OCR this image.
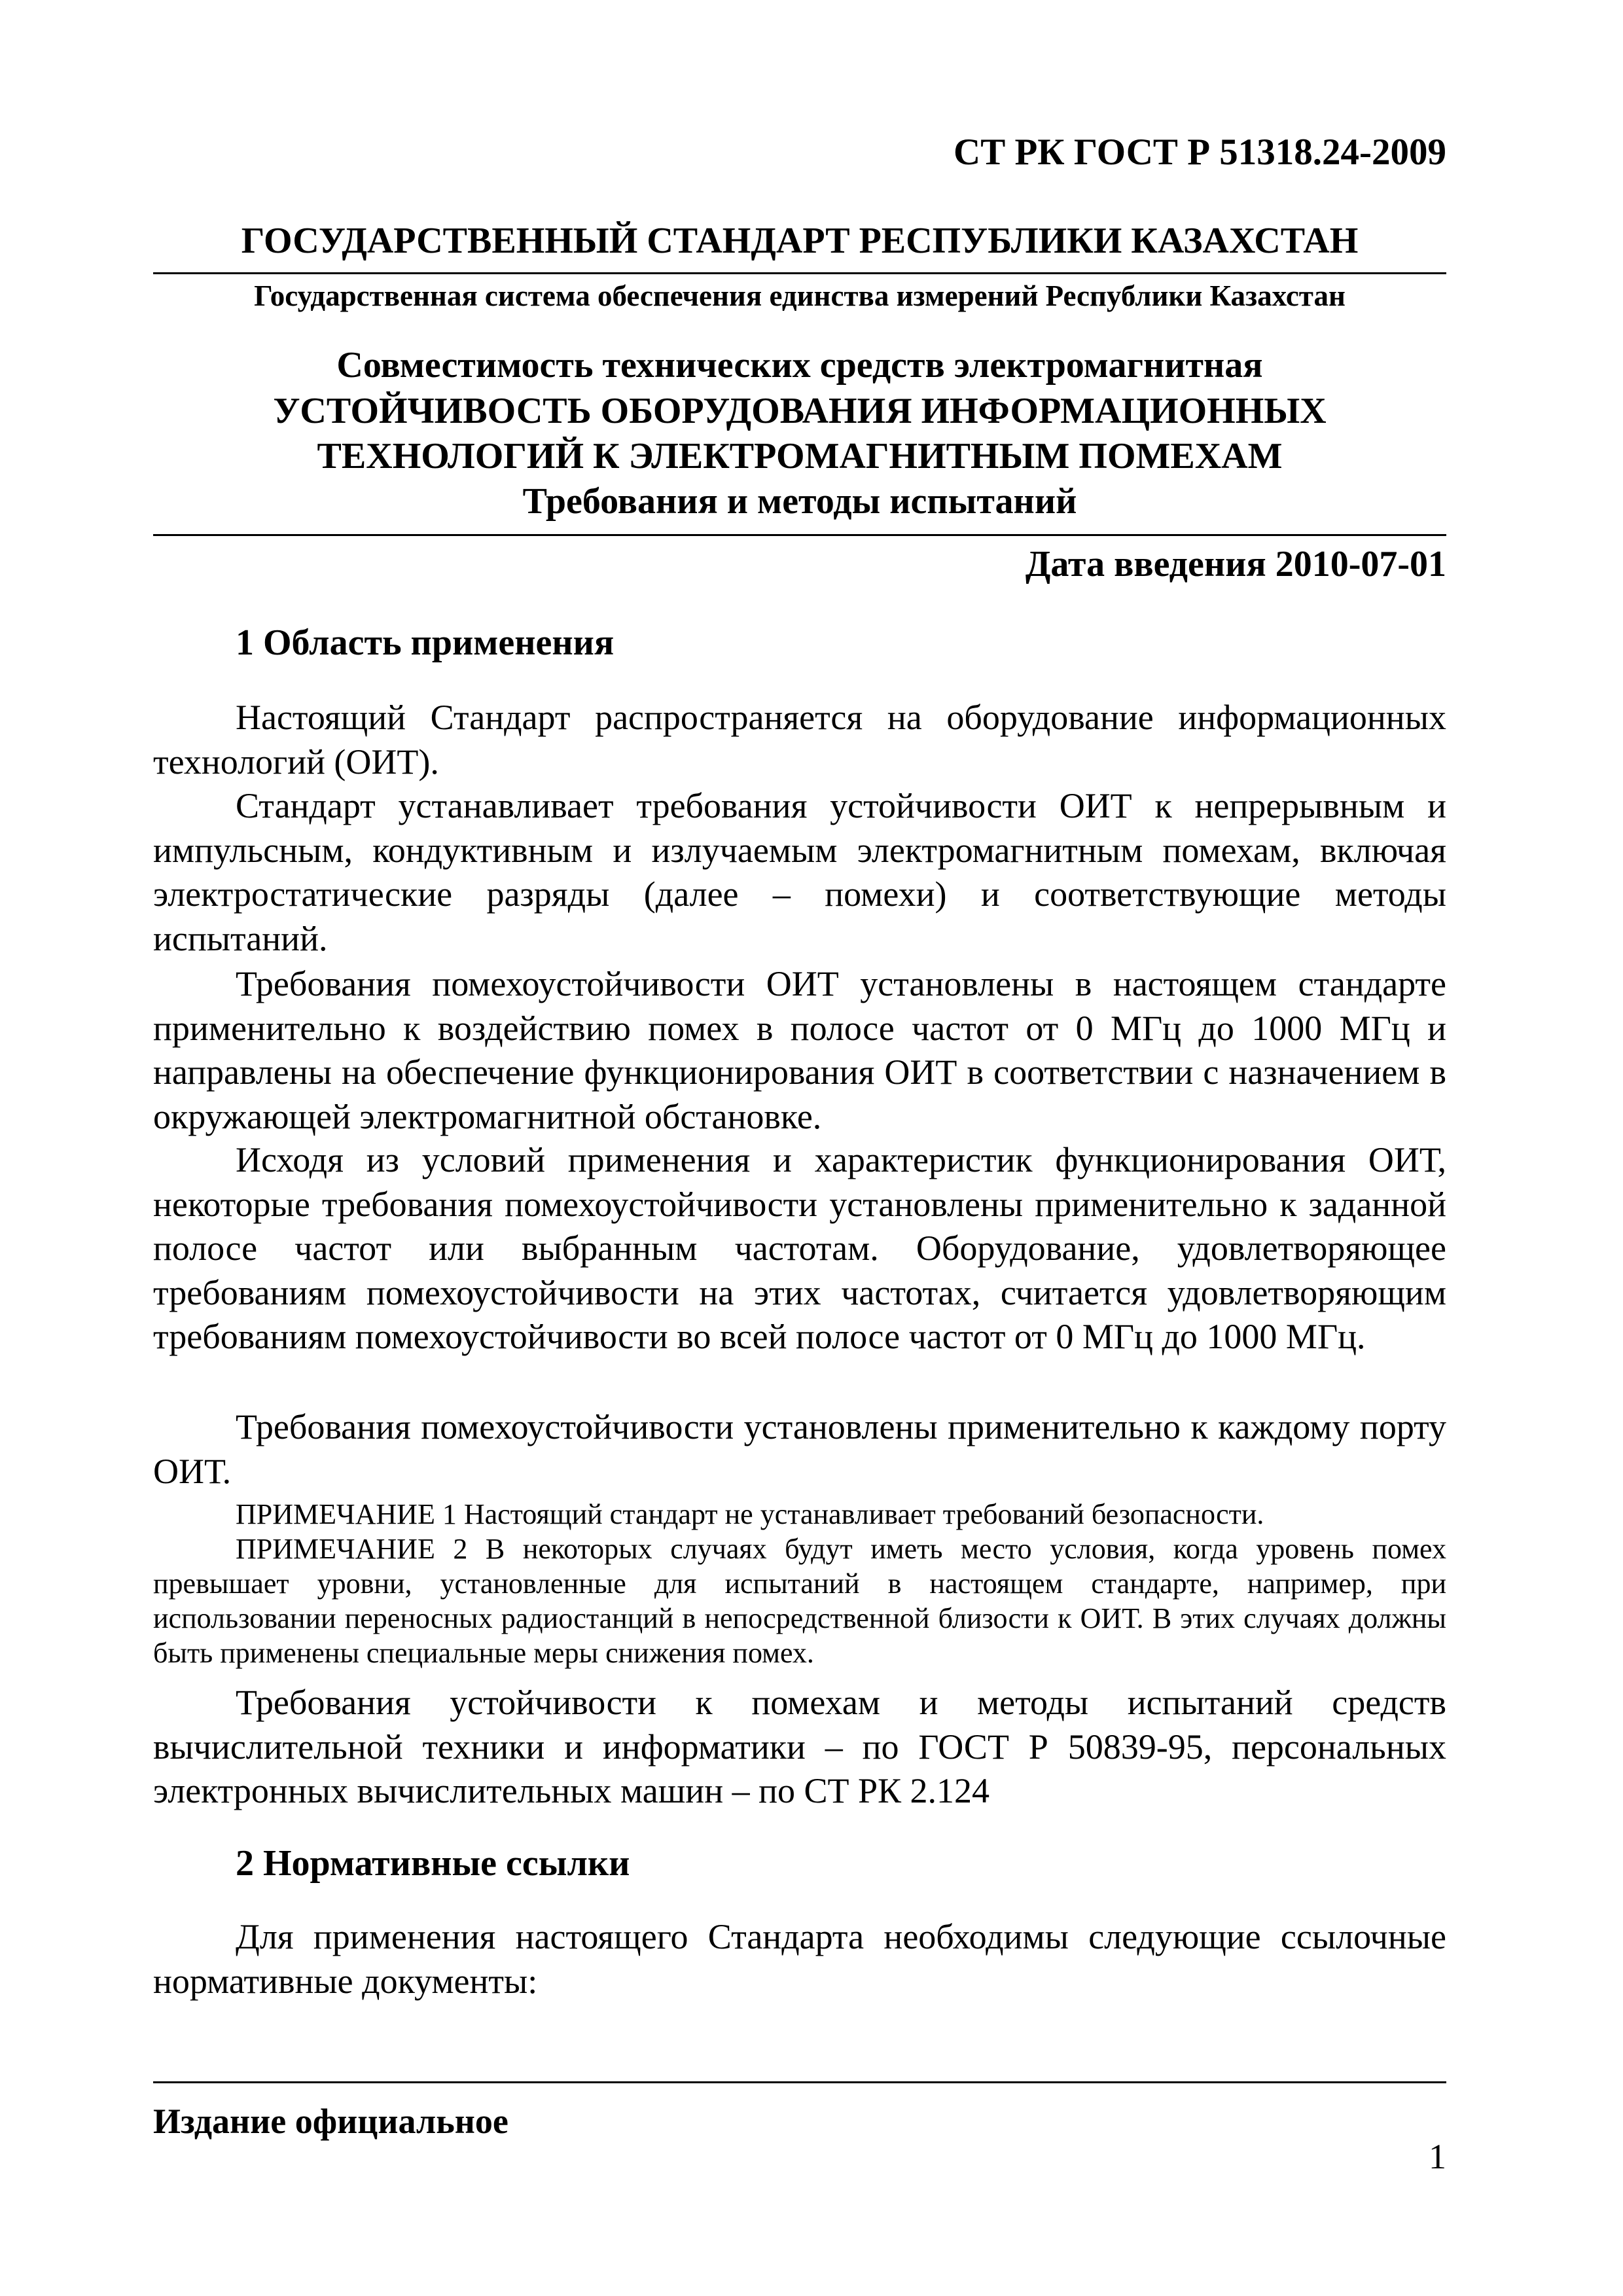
СТ РК ГОСТ Р 51318.24-2009
ГОСУДАРСТВЕННЫЙ СТАНДАРТ РЕСПУБЛИКИ КАЗАХСТАН
Государственная система обеспечения единства измерений Республики Казахстан
Совместимость технических средств электромагнитная
УСТОЙЧИВОСТЬ ОБОРУДОВАНИЯ ИНФОРМАЦИОННЫХ
ТЕХНОЛОГИЙ К ЭЛЕКТРОМАГНИТНЫМ ПОМЕХАМ
Требования и методы испытаний
Дата введения 2010-07-01
1 Область применения

Настоящий Стандарт распространяется на оборудование информационных технологий (ОИТ).

Стандарт устанавливает требования устойчивости ОИТ к непрерывным и импульсным, кондуктивным и излучаемым электромагнитным помехам, включая электростатические разряды (далее – помехи) и соответствующие методы испытаний.

Требования помехоустойчивости ОИТ установлены в настоящем стандарте применительно к воздействию помех в полосе частот от 0 МГц до 1000 МГц и направлены на обеспечение функционирования ОИТ в соответствии с назначением в окружающей электромагнитной обстановке.

Исходя из условий применения и характеристик функционирования ОИТ, некоторые требования помехоустойчивости установлены применительно к заданной полосе частот или выбранным частотам. Оборудование, удовлетворяющее требованиям помехоустойчивости на этих частотах, считается удовлетворяющим требованиям помехоустойчивости во всей полосе частот от 0 МГц до 1000 МГц.

Требования помехоустойчивости установлены применительно к каждому порту ОИТ.

ПРИМЕЧАНИЕ 1 Настоящий стандарт не устанавливает требований безопасности.

ПРИМЕЧАНИЕ 2 В некоторых случаях будут иметь место условия, когда уровень помех превышает уровни, установленные для испытаний в настоящем стандарте, например, при использовании переносных радиостанций в непосредственной близости к ОИТ. В этих случаях должны быть применены специальные меры снижения помех.

Требования устойчивости к помехам и методы испытаний средств вычислительной техники и информатики – по ГОСТ Р 50839-95, персональных электронных вычислительных машин – по СТ РК 2.124

2 Нормативные ссылки

Для применения настоящего Стандарта необходимы следующие ссылочные нормативные документы:

Издание официальное
1
